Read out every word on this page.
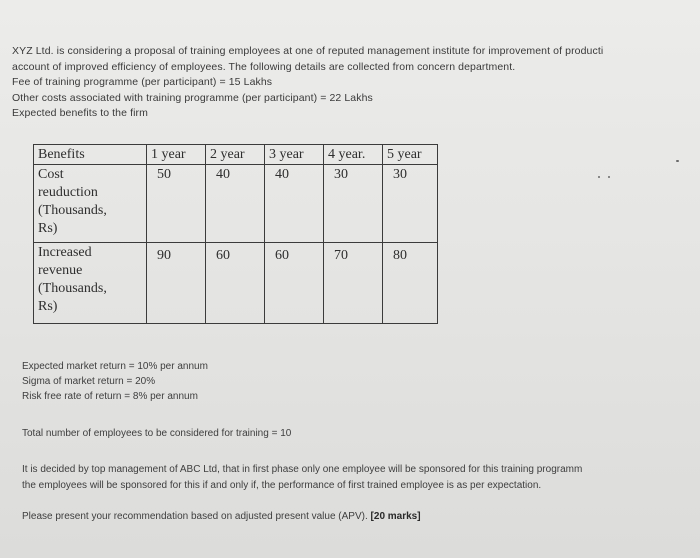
XYZ Ltd. is considering a proposal of training employees at one of reputed management institute for improvement of producti
account of improved efficiency of employees. The following details are collected from concern department.
Fee of training programme (per participant) = 15 Lakhs
Other costs associated with training programme (per participant) = 22 Lakhs
Expected benefits to the firm
Benefits	1 year	2 year	3 year	4 year.	5 year

Cost
reuduction
(Thousands,
Rs)	50	40	40	30	30

Increased
revenue
(Thousands,
Rs)	90	60	60	70	80
Expected market return = 10% per annum
Sigma of market return = 20%
Risk free rate of return = 8% per annum
Total number of employees to be considered for training = 10
It is decided by top management of ABC Ltd, that in first phase only one employee will be sponsored for this training programm
the employees will be sponsored for this if and only if, the performance of first trained employee is as per expectation.
Please present your recommendation based on adjusted present value (APV). [20 marks]
